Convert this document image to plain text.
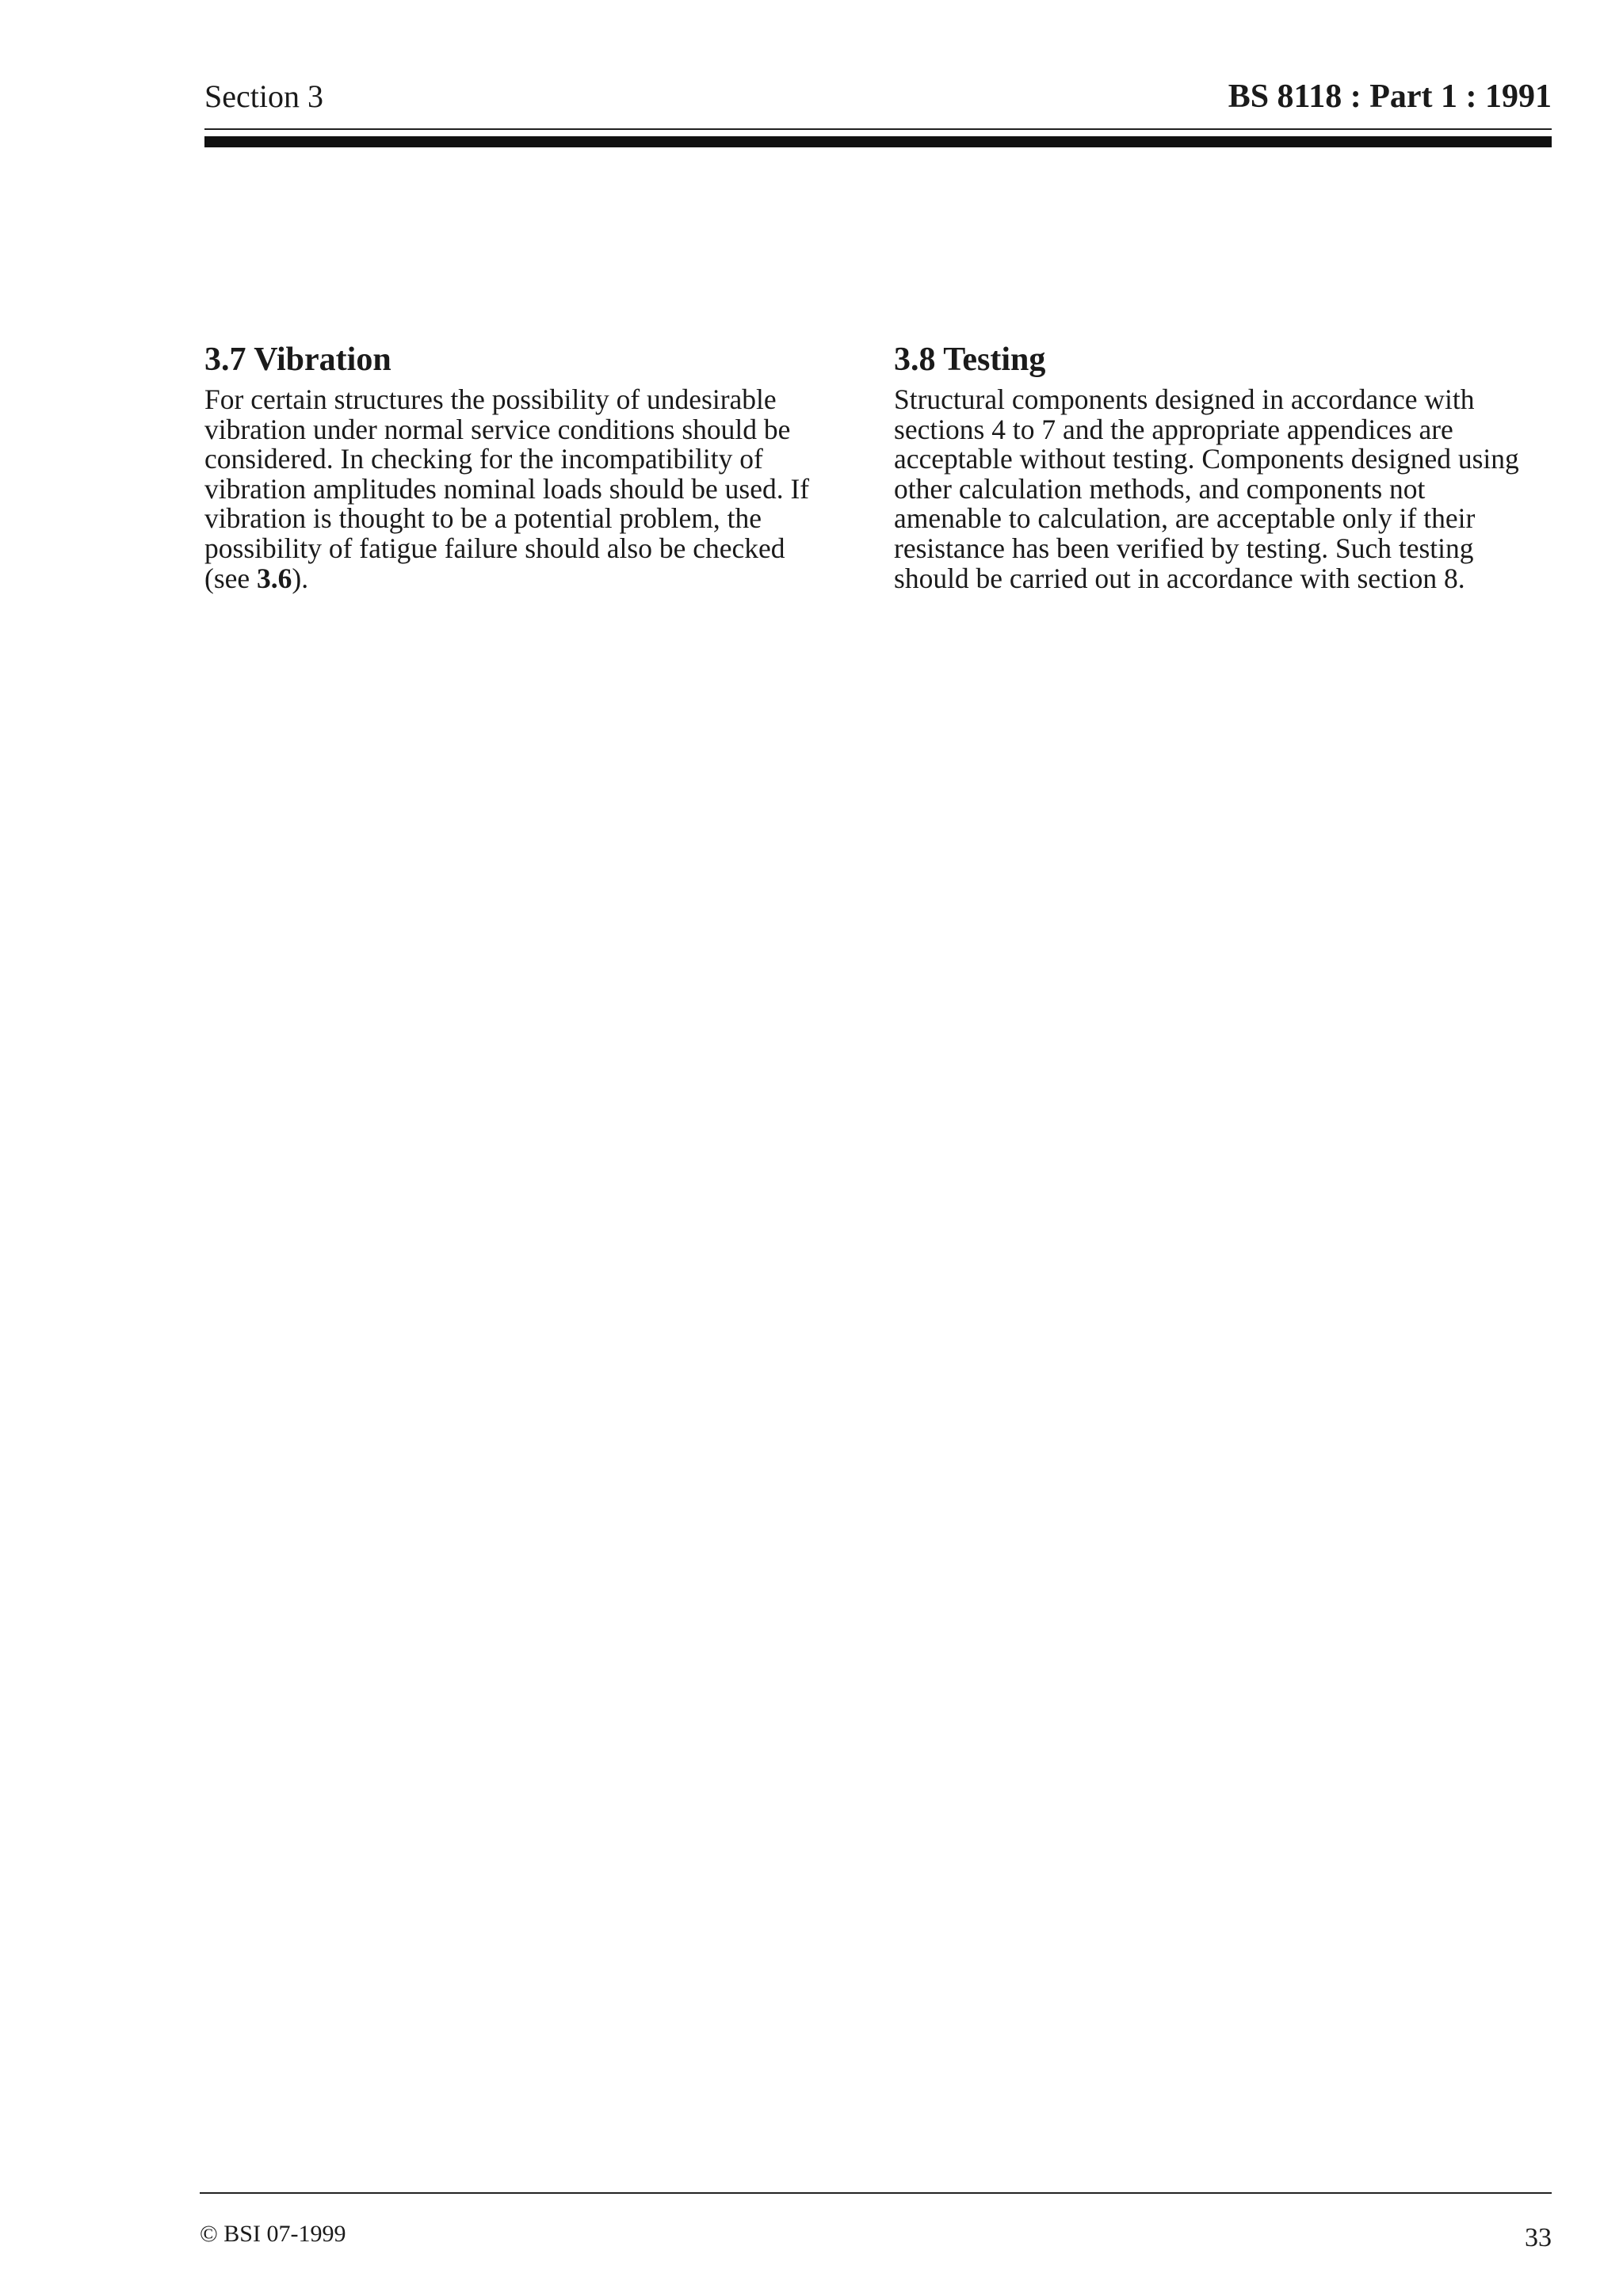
Section 3	BS 8118 : Part 1 : 1991
3.7 Vibration

For certain structures the possibility of undesirable
vibration under normal service conditions should be
considered. In checking for the incompatibility of
vibration amplitudes nominal loads should be used. If
vibration is thought to be a potential problem, the
possibility of fatigue failure should also be checked
(see 3.6).

3.8 Testing

Structural components designed in accordance with
sections 4 to 7 and the appropriate appendices are
acceptable without testing. Components designed using
other calculation methods, and components not
amenable to calculation, are acceptable only if their
resistance has been verified by testing. Such testing
should be carried out in accordance with section 8.

© BSI 07-1999	33
